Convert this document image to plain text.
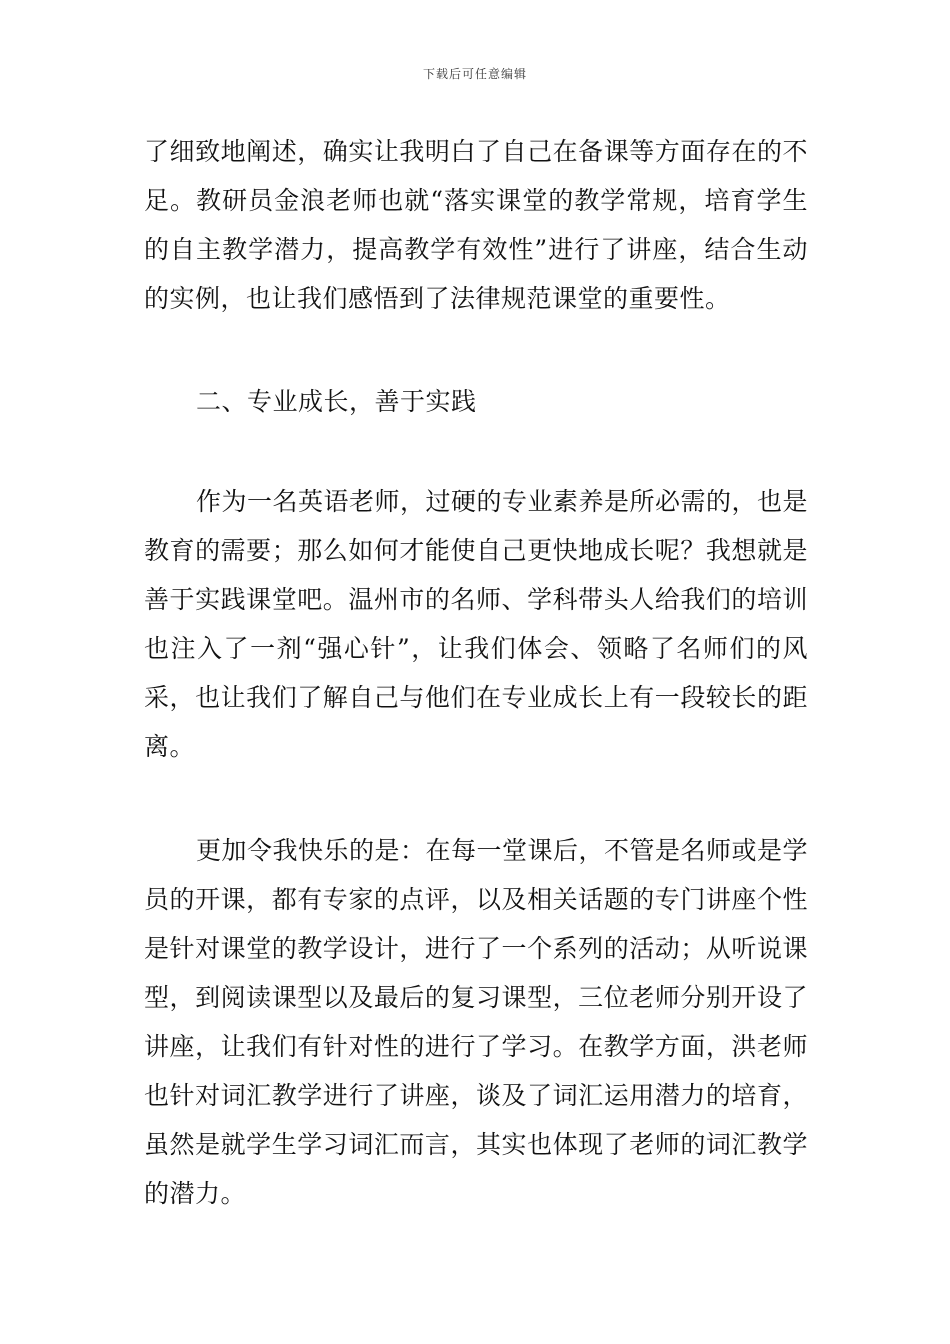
下载后可任意编辑

了细致地阐述，确实让我明白了自己在备课等方面存在的不足。教研员金浪老师也就“落实课堂的教学常规，培育学生的自主教学潜力，提高教学有效性”进行了讲座，结合生动的实例，也让我们感悟到了法律规范课堂的重要性。

二、专业成长，善于实践

作为一名英语老师，过硬的专业素养是所必需的，也是教育的需要；那么如何才能使自己更快地成长呢？我想就是善于实践课堂吧。温州市的名师、学科带头人给我们的培训也注入了一剂“强心针”，让我们体会、领略了名师们的风采，也让我们了解自己与他们在专业成长上有一段较长的距离。

更加令我快乐的是：在每一堂课后，不管是名师或是学员的开课，都有专家的点评，以及相关话题的专门讲座个性是针对课堂的教学设计，进行了一个系列的活动；从听说课型，到阅读课型以及最后的复习课型，三位老师分别开设了讲座，让我们有针对性的进行了学习。在教学方面，洪老师也针对词汇教学进行了讲座，谈及了词汇运用潜力的培育，虽然是就学生学习词汇而言，其实也体现了老师的词汇教学的潜力。
